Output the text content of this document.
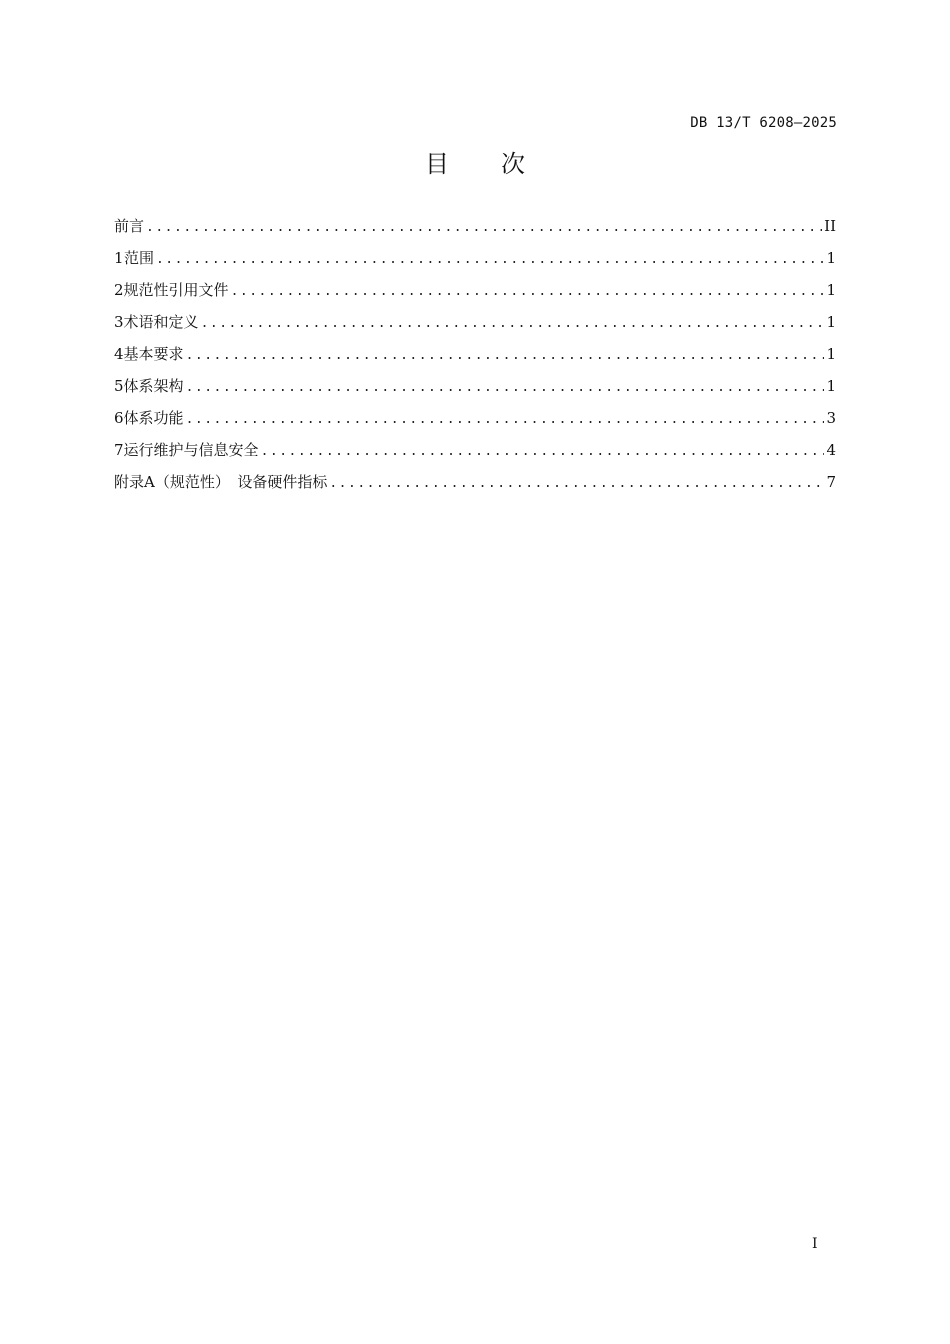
DB 13/T 6208—2025
目 次
前言 .....	II
1 范围 .....	1
2 规范性引用文件 .....	1
3 术语和定义 .....	1
4 基本要求 .....	1
5 体系架构 .....	1
6 体系功能 .....	3
7 运行维护与信息安全 .....	4
附录A（规范性）　设备硬件指标 .....	7
I
